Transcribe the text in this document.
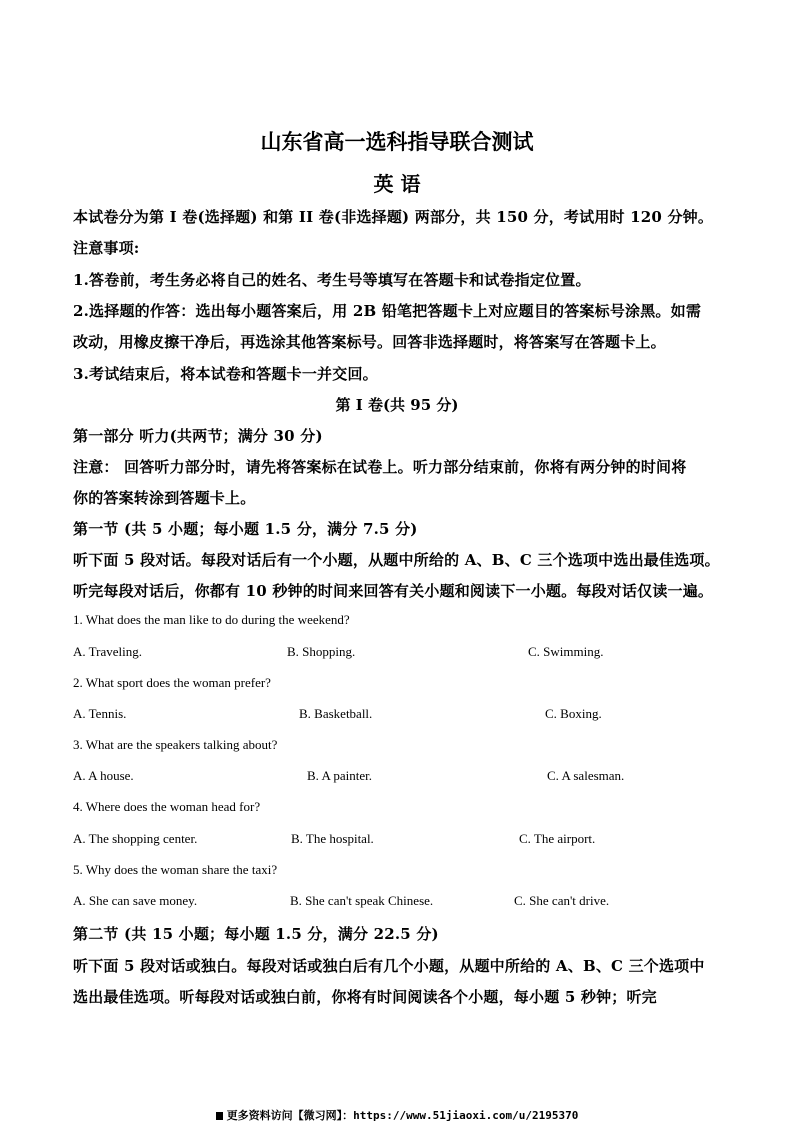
山东省高一选科指导联合测试
英 语
本试卷分为第 I 卷(选择题) 和第 II 卷(非选择题) 两部分，共 150 分，考试用时 120 分钟。
注意事项:
1.答卷前，考生务必将自己的姓名、考生号等填写在答题卡和试卷指定位置。
2.选择题的作答：选出每小题答案后，用 2B 铅笔把答题卡上对应题目的答案标号涂黑。如需
改动，用橡皮擦干净后，再选涂其他答案标号。回答非选择题时，将答案写在答题卡上。
3.考试结束后，将本试卷和答题卡一并交回。
第 I 卷(共 95 分)
第一部分 听力(共两节；满分 30 分)
注意： 回答听力部分时，请先将答案标在试卷上。听力部分结束前，你将有两分钟的时间将
你的答案转涂到答题卡上。
第一节 (共 5 小题；每小题 1.5 分，满分 7.5 分)
听下面 5 段对话。每段对话后有一个小题，从题中所给的 A、B、C 三个选项中选出最佳选项。
听完每段对话后，你都有 10 秒钟的时间来回答有关小题和阅读下一小题。每段对话仅读一遍。
1. What does the man like to do during the weekend?
A. Traveling.	B. Shopping.	C. Swimming.
2. What sport does the woman prefer?
A. Tennis.	B. Basketball.	C. Boxing.
3. What are the speakers talking about?
A. A house.	B. A painter.	C. A salesman.
4. Where does the woman head for?
A. The shopping center.	B. The hospital.	C. The airport.
5. Why does the woman share the taxi?
A. She can save money.	B. She can't speak Chinese.	C. She can't drive.
第二节 (共 15 小题；每小题 1.5 分，满分 22.5 分)
听下面 5 段对话或独白。每段对话或独白后有几个小题，从题中所给的 A、B、C 三个选项中
选出最佳选项。听每段对话或独白前，你将有时间阅读各个小题，每小题 5 秒钟；听完
更多资料访问【微习网】：https://www.51jiaoxi.com/u/2195370
